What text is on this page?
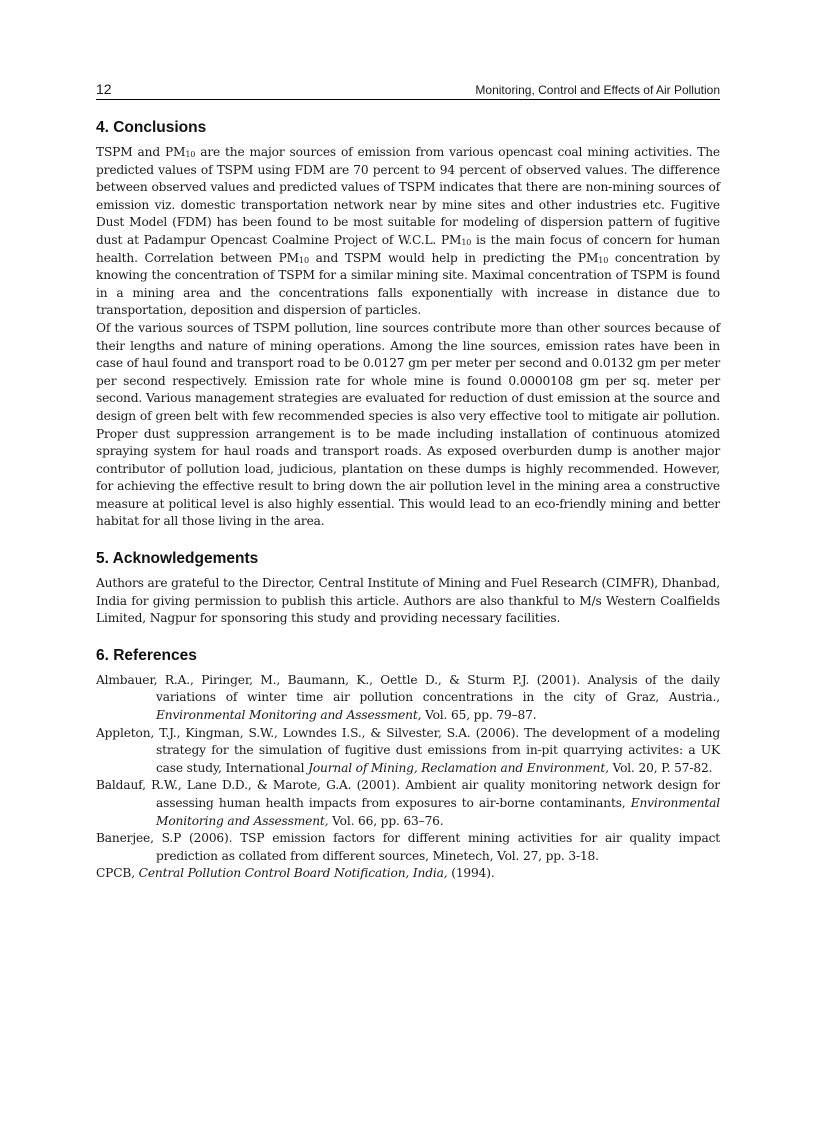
12	Monitoring, Control and Effects of Air Pollution
4. Conclusions

TSPM and $PM_{10}$ are the major sources of emission from various opencast coal mining activities. The predicted values of TSPM using FDM are 70 percent to 94 percent of observed values. The difference between observed values and predicted values of TSPM indicates that there are non-mining sources of emission viz. domestic transportation network near by mine sites and other industries etc. Fugitive Dust Model (FDM) has been found to be most suitable for modeling of dispersion pattern of fugitive dust at Padampur Opencast Coalmine Project of W.C.L. $PM_{10}$ is the main focus of concern for human health. Correlation between $PM_{10}$ and TSPM would help in predicting the $PM_{10}$ concentration by knowing the concentration of TSPM for a similar mining site. Maximal concentration of TSPM is found in a mining area and the concentrations falls exponentially with increase in distance due to transportation, deposition and dispersion of particles.

Of the various sources of TSPM pollution, line sources contribute more than other sources because of their lengths and nature of mining operations. Among the line sources, emission rates have been in case of haul found and transport road to be 0.0127 gm per meter per second and 0.0132 gm per meter per second respectively. Emission rate for whole mine is found 0.0000108 gm per sq. meter per second. Various management strategies are evaluated for reduction of dust emission at the source and design of green belt with few recommended species is also very effective tool to mitigate air pollution. Proper dust suppression arrangement is to be made including installation of continuous atomized spraying system for haul roads and transport roads. As exposed overburden dump is another major contributor of pollution load, judicious, plantation on these dumps is highly recommended. However, for achieving the effective result to bring down the air pollution level in the mining area a constructive measure at political level is also highly essential. This would lead to an eco-friendly mining and better habitat for all those living in the area.

5. Acknowledgements

Authors are grateful to the Director, Central Institute of Mining and Fuel Research (CIMFR), Dhanbad, India for giving permission to publish this article. Authors are also thankful to M/s Western Coalfields Limited, Nagpur for sponsoring this study and providing necessary facilities.

6. References
Almbauer, R.A., Piringer, M., Baumann, K., Oettle D., & Sturm P.J. (2001). Analysis of the daily variations of winter time air pollution concentrations in the city of Graz, Austria., Environmental Monitoring and Assessment, Vol. 65, pp. 79–87.
Appleton, T.J., Kingman, S.W., Lowndes I.S., & Silvester, S.A. (2006). The development of a modeling strategy for the simulation of fugitive dust emissions from in-pit quarrying activites: a UK case study, International Journal of Mining, Reclamation and Environment, Vol. 20, P. 57-82.
Baldauf, R.W., Lane D.D., & Marote, G.A. (2001). Ambient air quality monitoring network design for assessing human health impacts from exposures to air-borne contaminants, Environmental Monitoring and Assessment, Vol. 66, pp. 63–76.
Banerjee, S.P (2006). TSP emission factors for different mining activities for air quality impact prediction as collated from different sources, Minetech, Vol. 27, pp. 3-18.
CPCB, Central Pollution Control Board Notification, India, (1994).
